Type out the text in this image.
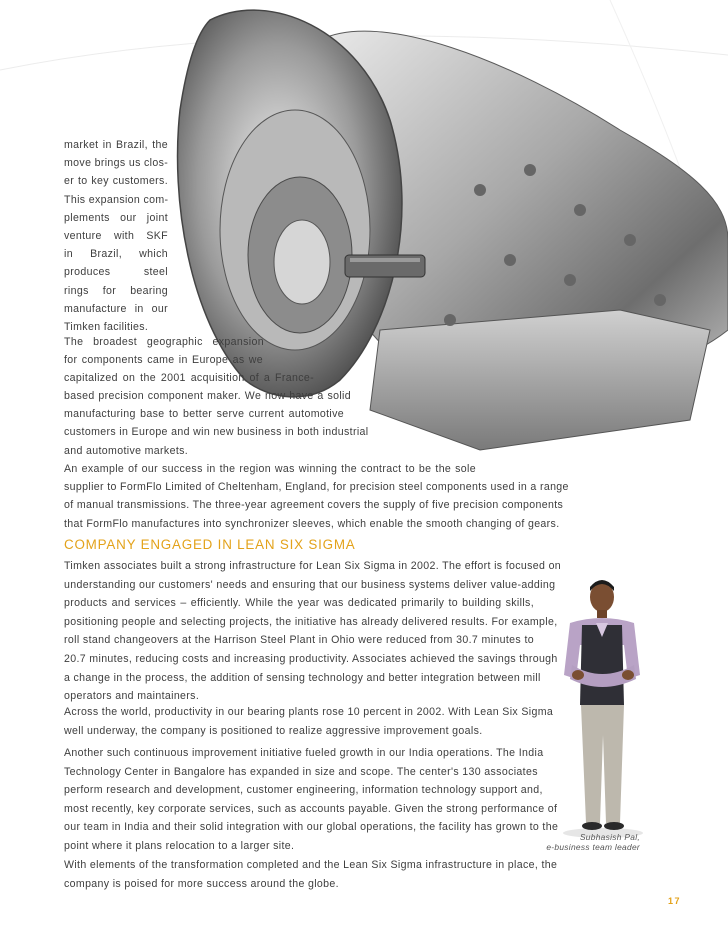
market in Brazil, the
move brings us clos-
er to key customers.
This expansion com-
plements our joint
venture with SKF
in Brazil, which
produces steel
rings for bearing
manufacture in our
Timken facilities.
The broadest geographic expansion
for components came in Europe as we
capitalized on the 2001 acquisition of a France-
based precision component maker. We now have a solid
manufacturing base to better serve current automotive
customers in Europe and win new business in both industrial
and automotive markets.
An example of our success in the region was winning the contract to be the sole
supplier to FormFlo Limited of Cheltenham, England, for precision steel components used in a range
of manual transmissions. The three-year agreement covers the supply of five precision components
that FormFlo manufactures into synchronizer sleeves, which enable the smooth changing of gears.
COMPANY ENGAGED IN LEAN SIX SIGMA
Timken associates built a strong infrastructure for Lean Six Sigma in 2002. The effort is focused on
understanding our customers' needs and ensuring that our business systems deliver value-adding
products and services – efficiently. While the year was dedicated primarily to building skills,
positioning people and selecting projects, the initiative has already delivered results. For example,
roll stand changeovers at the Harrison Steel Plant in Ohio were reduced from 30.7 minutes to
20.7 minutes, reducing costs and increasing productivity. Associates achieved the savings through
a change in the process, the addition of sensing technology and better integration between mill
operators and maintainers.
Across the world, productivity in our bearing plants rose 10 percent in 2002. With Lean Six Sigma
well underway, the company is positioned to realize aggressive improvement goals.
Another such continuous improvement initiative fueled growth in our India operations. The India
Technology Center in Bangalore has expanded in size and scope. The center's 130 associates
perform research and development, customer engineering, information technology support and,
most recently, key corporate services, such as accounts payable. Given the strong performance of
our team in India and their solid integration with our global operations, the facility has grown to the
point where it plans relocation to a larger site.
With elements of the transformation completed and the Lean Six Sigma infrastructure in place, the
company is poised for more success around the globe.
Subhasish Pal,
e-business team leader
17
